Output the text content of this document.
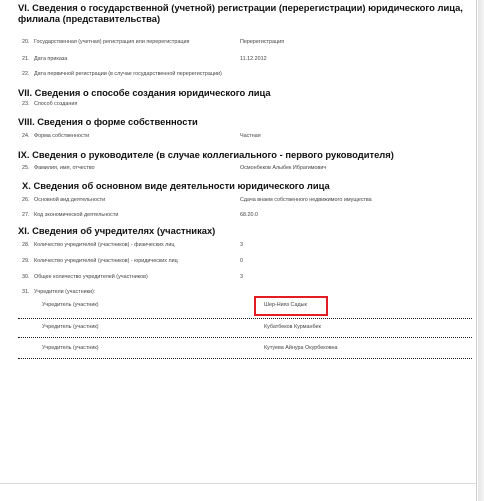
VI. Сведения о государственной (учетной) регистрации (перерегистрации) юридического лица, филиала (представительства)
20. Государственная (учетная) регистрация или перерегистрация	Перерегистрация
21. Дата приказа	11.12.2012
22. Дата первичной регистрации (в случае государственной перерегистрации)
VII. Сведения о способе создания юридического лица
23. Способ создания
VIII. Сведения о форме собственности
24. Форма собственности	Частная
IX. Сведения о руководителе (в случае коллегиального - первого руководителя)
25. Фамилия, имя, отчество	Осмонбеков Алыбек Ибрагимович
X. Сведения об основном виде деятельности юридического лица
26. Основной вид деятельности	Сдача внаем собственного недвижимого имущества
27. Код экономической деятельности	68.20.0
XI. Сведения об учредителях (участниках)
28. Количество учредителей (участников) - физических лиц	3
29. Количество учредителей (участников) - юридических лиц	0
30. Общее количество учредителей (участников)	3
31. Учредители (участники):
Учредитель (участник)	Шер-Нияз Садык
Учредитель (участник)	Кубатбеков Курманбек
Учредитель (участник)	Кутуева Айнура Окурбековна
